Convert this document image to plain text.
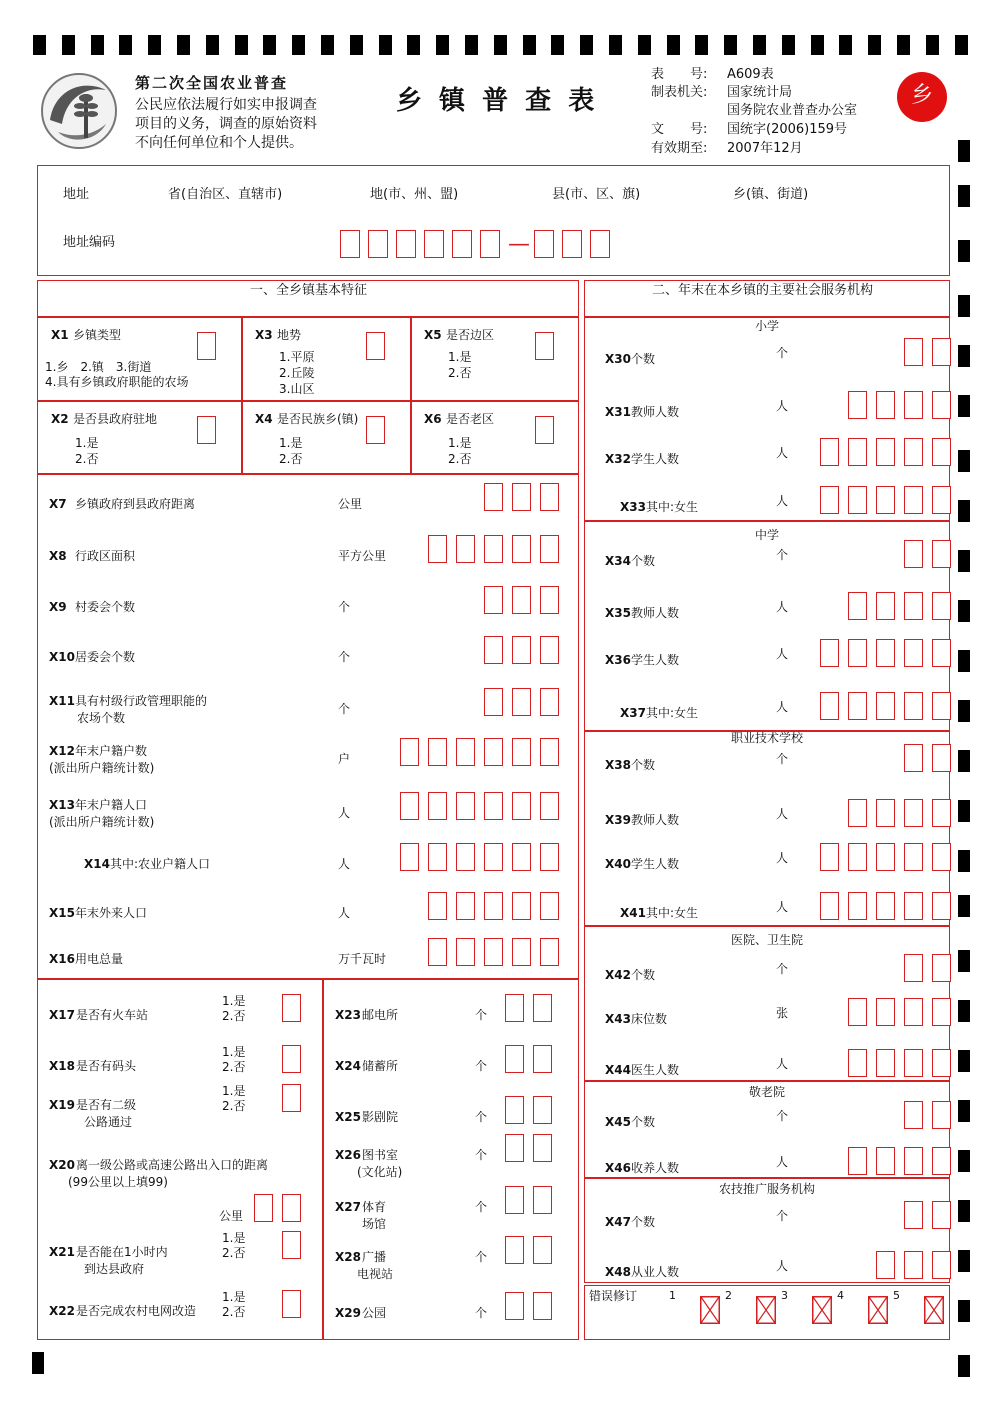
第二次全国农业普查
公民应依法履行如实申报调查
项目的义务，调查的原始资料
不向任何单位和个人提供。
乡 镇 普 查 表
表　　号: A609表
制表机关: 国家统计局
国务院农业普查办公室
文　　号: 国统字(2006)159号
有效期至: 2007年12月
乡
地址	省(自治区、直辖市)	地(市、州、盟)	县(市、区、旗)	乡(镇、街道)
地址编码	—
一、全乡镇基本特征
X1 乡镇类型
1.乡　2.镇　3.街道
4.具有乡镇政府职能的农场
X3 地势
1.平原
2.丘陵
3.山区
X5 是否边区
1.是
2.否
X2 是否县政府驻地
1.是
2.否
X4 是否民族乡(镇)
1.是
2.否
X6 是否老区
1.是
2.否
X7 乡镇政府到县政府距离	公里
X8 行政区面积	平方公里
X9 村委会个数	个
X10 居委会个数	个
X11 具有村级行政管理职能的
农场个数
个
X12 年末户籍户数
(派出所户籍统计数)
户
X13 年末户籍人口
(派出所户籍统计数)
人
X14 其中:农业户籍人口	人
X15 年末外来人口	人
X16 用电总量	万千瓦时
X17 是否有火车站
1.是
2.否
X18 是否有码头
1.是
2.否
X19 是否有二级
公路通过
1.是
2.否
X20 离一级公路或高速公路出入口的距离
(99公里以上填99)
公里
X21 是否能在1小时内
到达县政府
1.是
2.否
X22 是否完成农村电网改造
1.是
2.否
X23 邮电所	个
X24 储蓄所	个
X25 影剧院	个
X26 图书室
(文化站)
个
X27 体育
场馆
个
X28 广播
电视站
个
X29 公园	个
二、年末在本乡镇的主要社会服务机构
小学
X30 个数	个
X31 教师人数	人
X32 学生人数	人
X33 其中:女生	人
中学
X34 个数	个
X35 教师人数	人
X36 学生人数	人
X37 其中:女生	人
职业技术学校
X38 个数	个
X39 教师人数	人
X40 学生人数	人
X41 其中:女生	人
医院、卫生院
X42 个数	个
X43 床位数	张
X44 医生人数	人
敬老院
X45 个数	个
X46 收养人数	人
农技推广服务机构
X47 个数	个
X48 从业人数	人
错误修订	1	2	3	4	5
